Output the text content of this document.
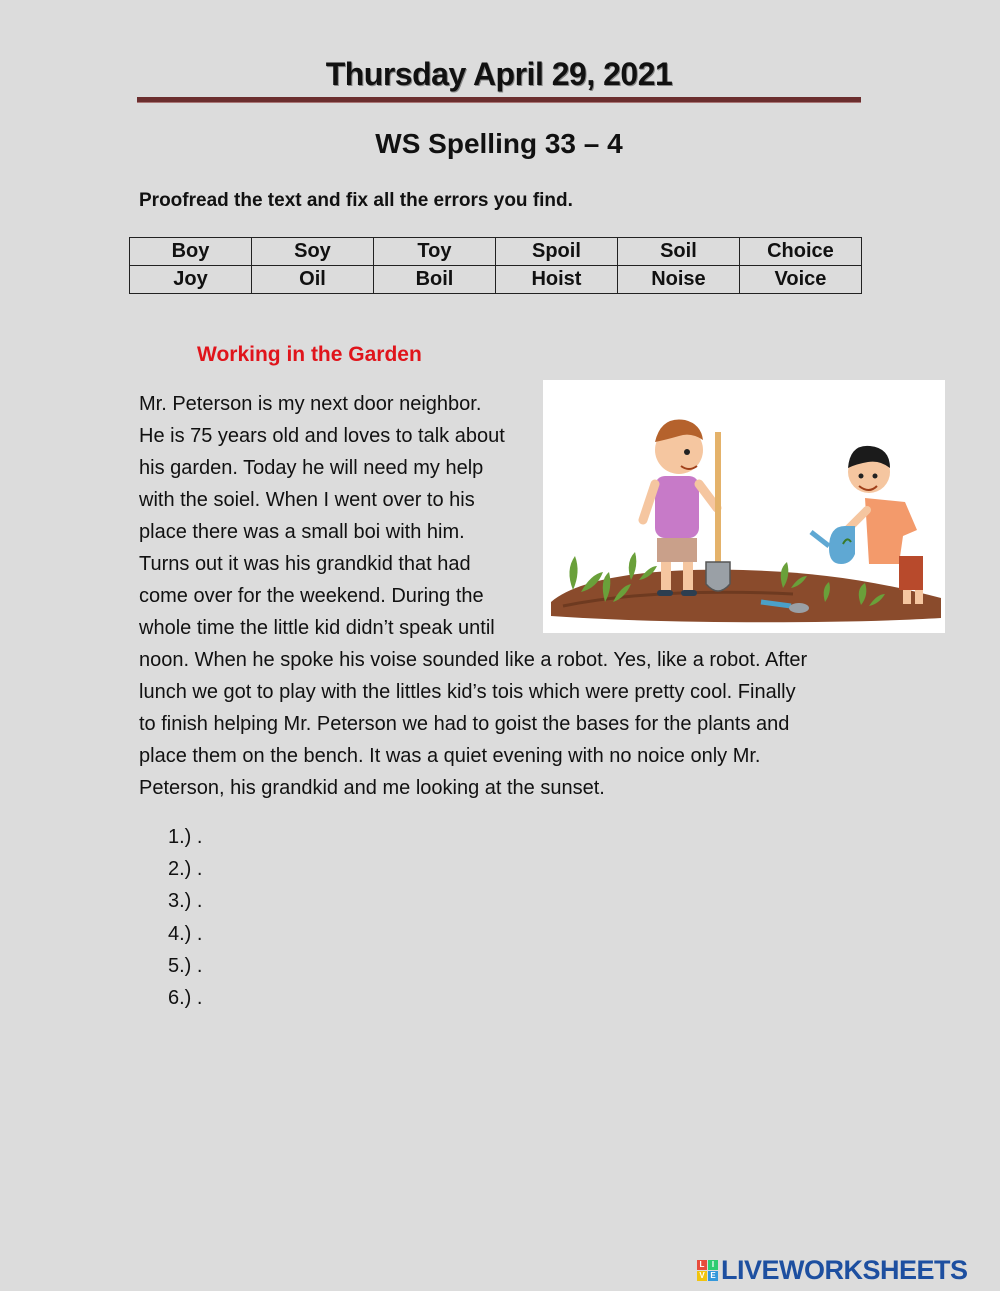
Thursday April 29, 2021
WS Spelling 33 – 4
Proofread the text and fix all the errors you find.
Boy	Soy	Toy	Spoil	Soil	Choice
Joy	Oil	Boil	Hoist	Noise	Voice
Working in the Garden
Mr. Peterson is my next door neighbor.
He is 75 years old and loves to talk about
his garden. Today he will need my help
with the soiel. When I went over to his
place there was a small boi with him.
Turns out it was his grandkid that had
come over for the weekend. During the
whole time the little kid didn’t speak until
noon. When he spoke his voise sounded like a robot. Yes, like a robot. After
lunch we got to play with the littles kid’s tois which were pretty cool. Finally
to finish helping Mr. Peterson we had to goist the bases for the plants and
place them on the bench. It was a quiet evening with no noice only Mr.
Peterson, his grandkid and me looking at the sunset.
1.) .
2.) .
3.) .
4.) .
5.) .
6.) .
L I
V E LIVEWORKSHEETS
